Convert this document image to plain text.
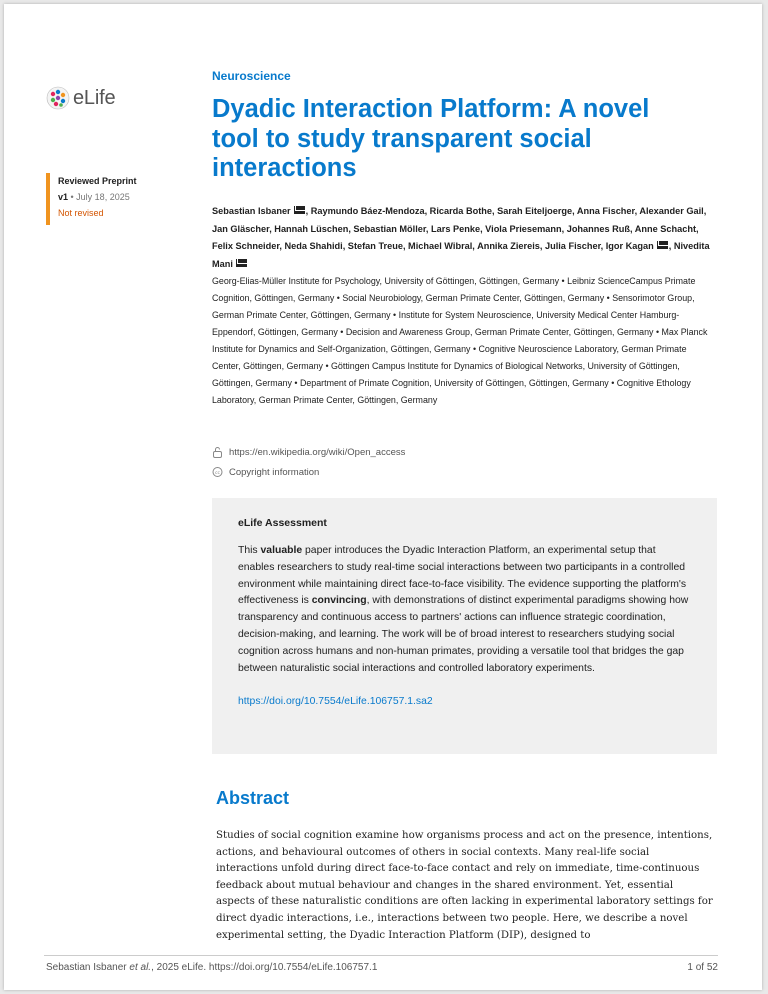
eLife
Reviewed Preprint
v1 • July 18, 2025
Not revised
Neuroscience
Dyadic Interaction Platform: A novel tool to study transparent social interactions
Sebastian Isbaner , Raymundo Báez-Mendoza, Ricarda Bothe, Sarah Eiteljoerge, Anna Fischer, Alexander Gail, Jan Gläscher, Hannah Lüschen, Sebastian Möller, Lars Penke, Viola Priesemann, Johannes Ruß, Anne Schacht, Felix Schneider, Neda Shahidi, Stefan Treue, Michael Wibral, Annika Ziereis, Julia Fischer, Igor Kagan , Nivedita Mani
Georg-Elias-Müller Institute for Psychology, University of Göttingen, Göttingen, Germany • Leibniz ScienceCampus Primate Cognition, Göttingen, Germany • Social Neurobiology, German Primate Center, Göttingen, Germany • Sensorimotor Group, German Primate Center, Göttingen, Germany • Institute for System Neuroscience, University Medical Center Hamburg-Eppendorf, Göttingen, Germany • Decision and Awareness Group, German Primate Center, Göttingen, Germany • Max Planck Institute for Dynamics and Self-Organization, Göttingen, Germany • Cognitive Neuroscience Laboratory, German Primate Center, Göttingen, Germany • Göttingen Campus Institute for Dynamics of Biological Networks, University of Göttingen, Göttingen, Germany • Department of Primate Cognition, University of Göttingen, Göttingen, Germany • Cognitive Ethology Laboratory, German Primate Center, Göttingen, Germany
https://en.wikipedia.org/wiki/Open_access
cc Copyright information
eLife Assessment

This valuable paper introduces the Dyadic Interaction Platform, an experimental setup that enables researchers to study real-time social interactions between two participants in a controlled environment while maintaining direct face-to-face visibility. The evidence supporting the platform's effectiveness is convincing, with demonstrations of distinct experimental paradigms showing how transparency and continuous access to partners' actions can influence strategic coordination, decision-making, and learning. The work will be of broad interest to researchers studying social cognition across humans and non-human primates, providing a versatile tool that bridges the gap between naturalistic social interactions and controlled laboratory experiments.

https://doi.org/10.7554/eLife.106757.1.sa2
Abstract

Studies of social cognition examine how organisms process and act on the presence, intentions, actions, and behavioural outcomes of others in social contexts. Many real-life social interactions unfold during direct face-to-face contact and rely on immediate, time-continuous feedback about mutual behaviour and changes in the shared environment. Yet, essential aspects of these naturalistic conditions are often lacking in experimental laboratory settings for direct dyadic interactions, i.e., interactions between two people. Here, we describe a novel experimental setting, the Dyadic Interaction Platform (DIP), designed to

Sebastian Isbaner et al., 2025 eLife. https://doi.org/10.7554/eLife.106757.1	1 of 52
